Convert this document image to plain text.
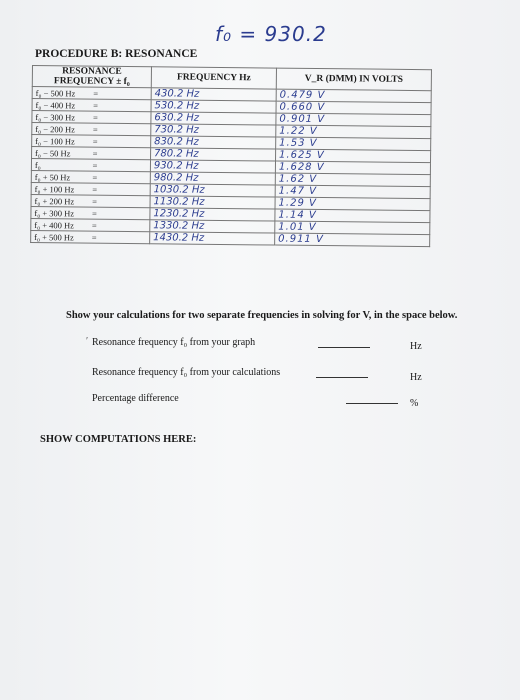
f₀ = 930.2
PROCEDURE B: RESONANCE
RESONANCE FREQUENCY ± f₀	FREQUENCY Hz	V_R (DMM) IN VOLTS
f₀ − 500 Hz =	430.2 Hz	0.479 V
f₀ − 400 Hz =	530.2 Hz	0.660 V
f₀ − 300 Hz =	630.2 Hz	0.901 V
f₀ − 200 Hz =	730.2 Hz	1.22 V
f₀ − 100 Hz =	830.2 Hz	1.53 V
f₀ − 50 Hz =	780.2 Hz	1.625 V
f₀ =	930.2 Hz	1.628 V
f₀ + 50 Hz =	980.2 Hz	1.62 V
f₀ + 100 Hz =	1030.2 Hz	1.47 V
f₀ + 200 Hz =	1130.2 Hz	1.29 V
f₀ + 300 Hz =	1230.2 Hz	1.14 V
f₀ + 400 Hz =	1330.2 Hz	1.01 V
f₀ + 500 Hz =	1430.2 Hz	0.911 V
Show your calculations for two separate frequencies in solving for V, in the space below.
′ Resonance frequency f₀ from your graph	Hz
Resonance frequency f₀ from your calculations	Hz
Percentage difference	%
SHOW COMPUTATIONS HERE:
